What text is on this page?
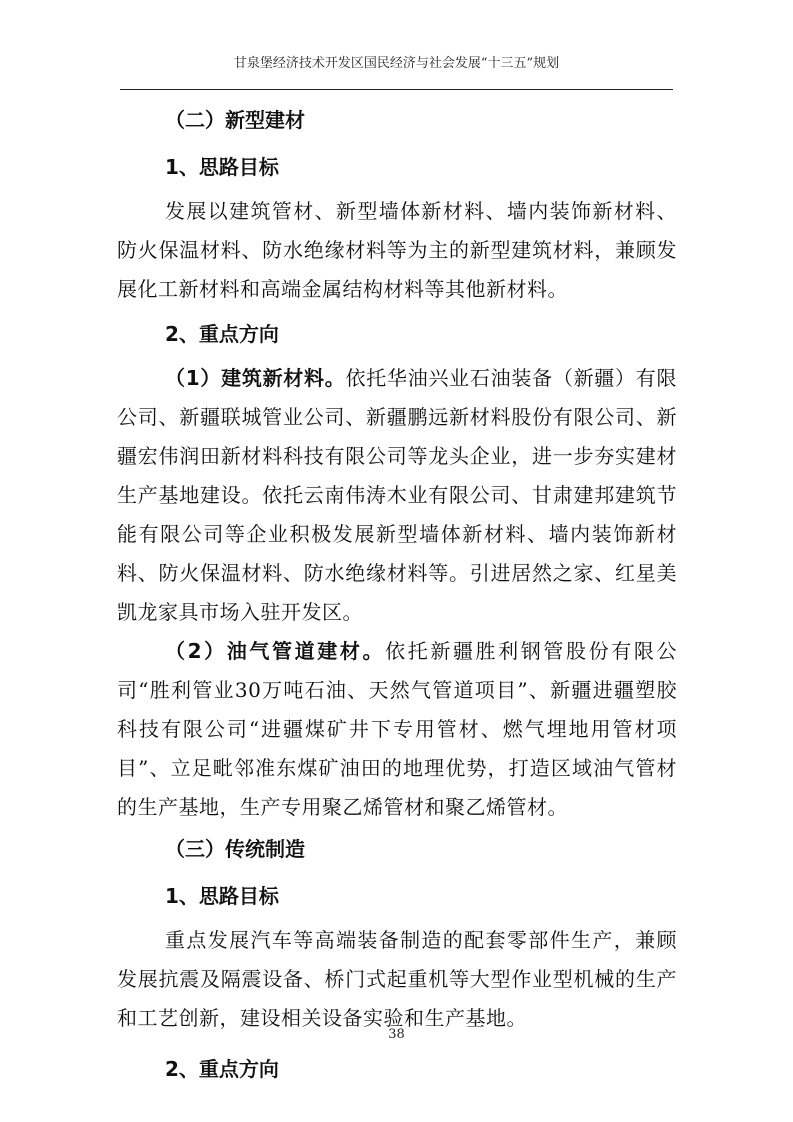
甘泉堡经济技术开发区国民经济与社会发展“十三五”规划
（二）新型建材
1、思路目标

发展以建筑管材、新型墙体新材料、墙内装饰新材料、防火保温材料、防水绝缘材料等为主的新型建筑材料，兼顾发展化工新材料和高端金属结构材料等其他新材料。

2、重点方向

（1）建筑新材料。依托华油兴业石油装备（新疆）有限公司、新疆联城管业公司、新疆鹏远新材料股份有限公司、新疆宏伟润田新材料科技有限公司等龙头企业，进一步夯实建材生产基地建设。依托云南伟涛木业有限公司、甘肃建邦建筑节能有限公司等企业积极发展新型墙体新材料、墙内装饰新材料、防火保温材料、防水绝缘材料等。引进居然之家、红星美凯龙家具市场入驻开发区。

（2）油气管道建材。依托新疆胜利钢管股份有限公司“胜利管业30万吨石油、天然气管道项目”、新疆进疆塑胶科技有限公司“进疆煤矿井下专用管材、燃气埋地用管材项目”、立足毗邻准东煤矿油田的地理优势，打造区域油气管材的生产基地，生产专用聚乙烯管材和聚乙烯管材。

（三）传统制造
1、思路目标

重点发展汽车等高端装备制造的配套零部件生产，兼顾发展抗震及隔震设备、桥门式起重机等大型作业型机械的生产和工艺创新，建设相关设备实验和生产基地。

2、重点方向
38
